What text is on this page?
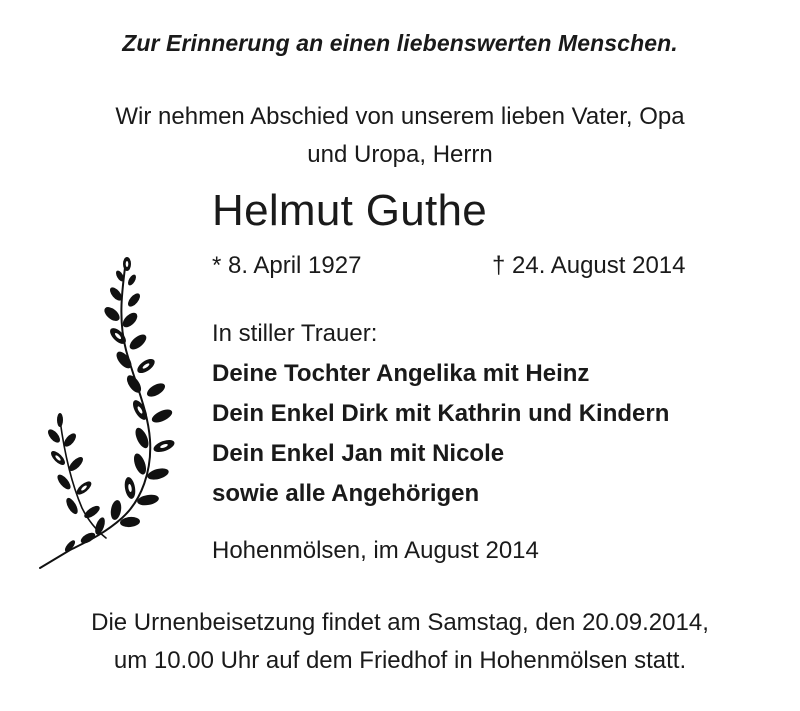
Zur Erinnerung an einen liebenswerten Menschen.
Wir nehmen Abschied von unserem lieben Vater, Opa
und Uropa, Herrn
Helmut Guthe
* 8. April 1927	† 24. August 2014
In stiller Trauer:
Deine Tochter Angelika mit Heinz
Dein Enkel Dirk mit Kathrin und Kindern
Dein Enkel Jan mit Nicole
sowie alle Angehörigen
Hohenmölsen, im August 2014
Die Urnenbeisetzung findet am Samstag, den 20.09.2014,
um 10.00 Uhr auf dem Friedhof in Hohenmölsen statt.
